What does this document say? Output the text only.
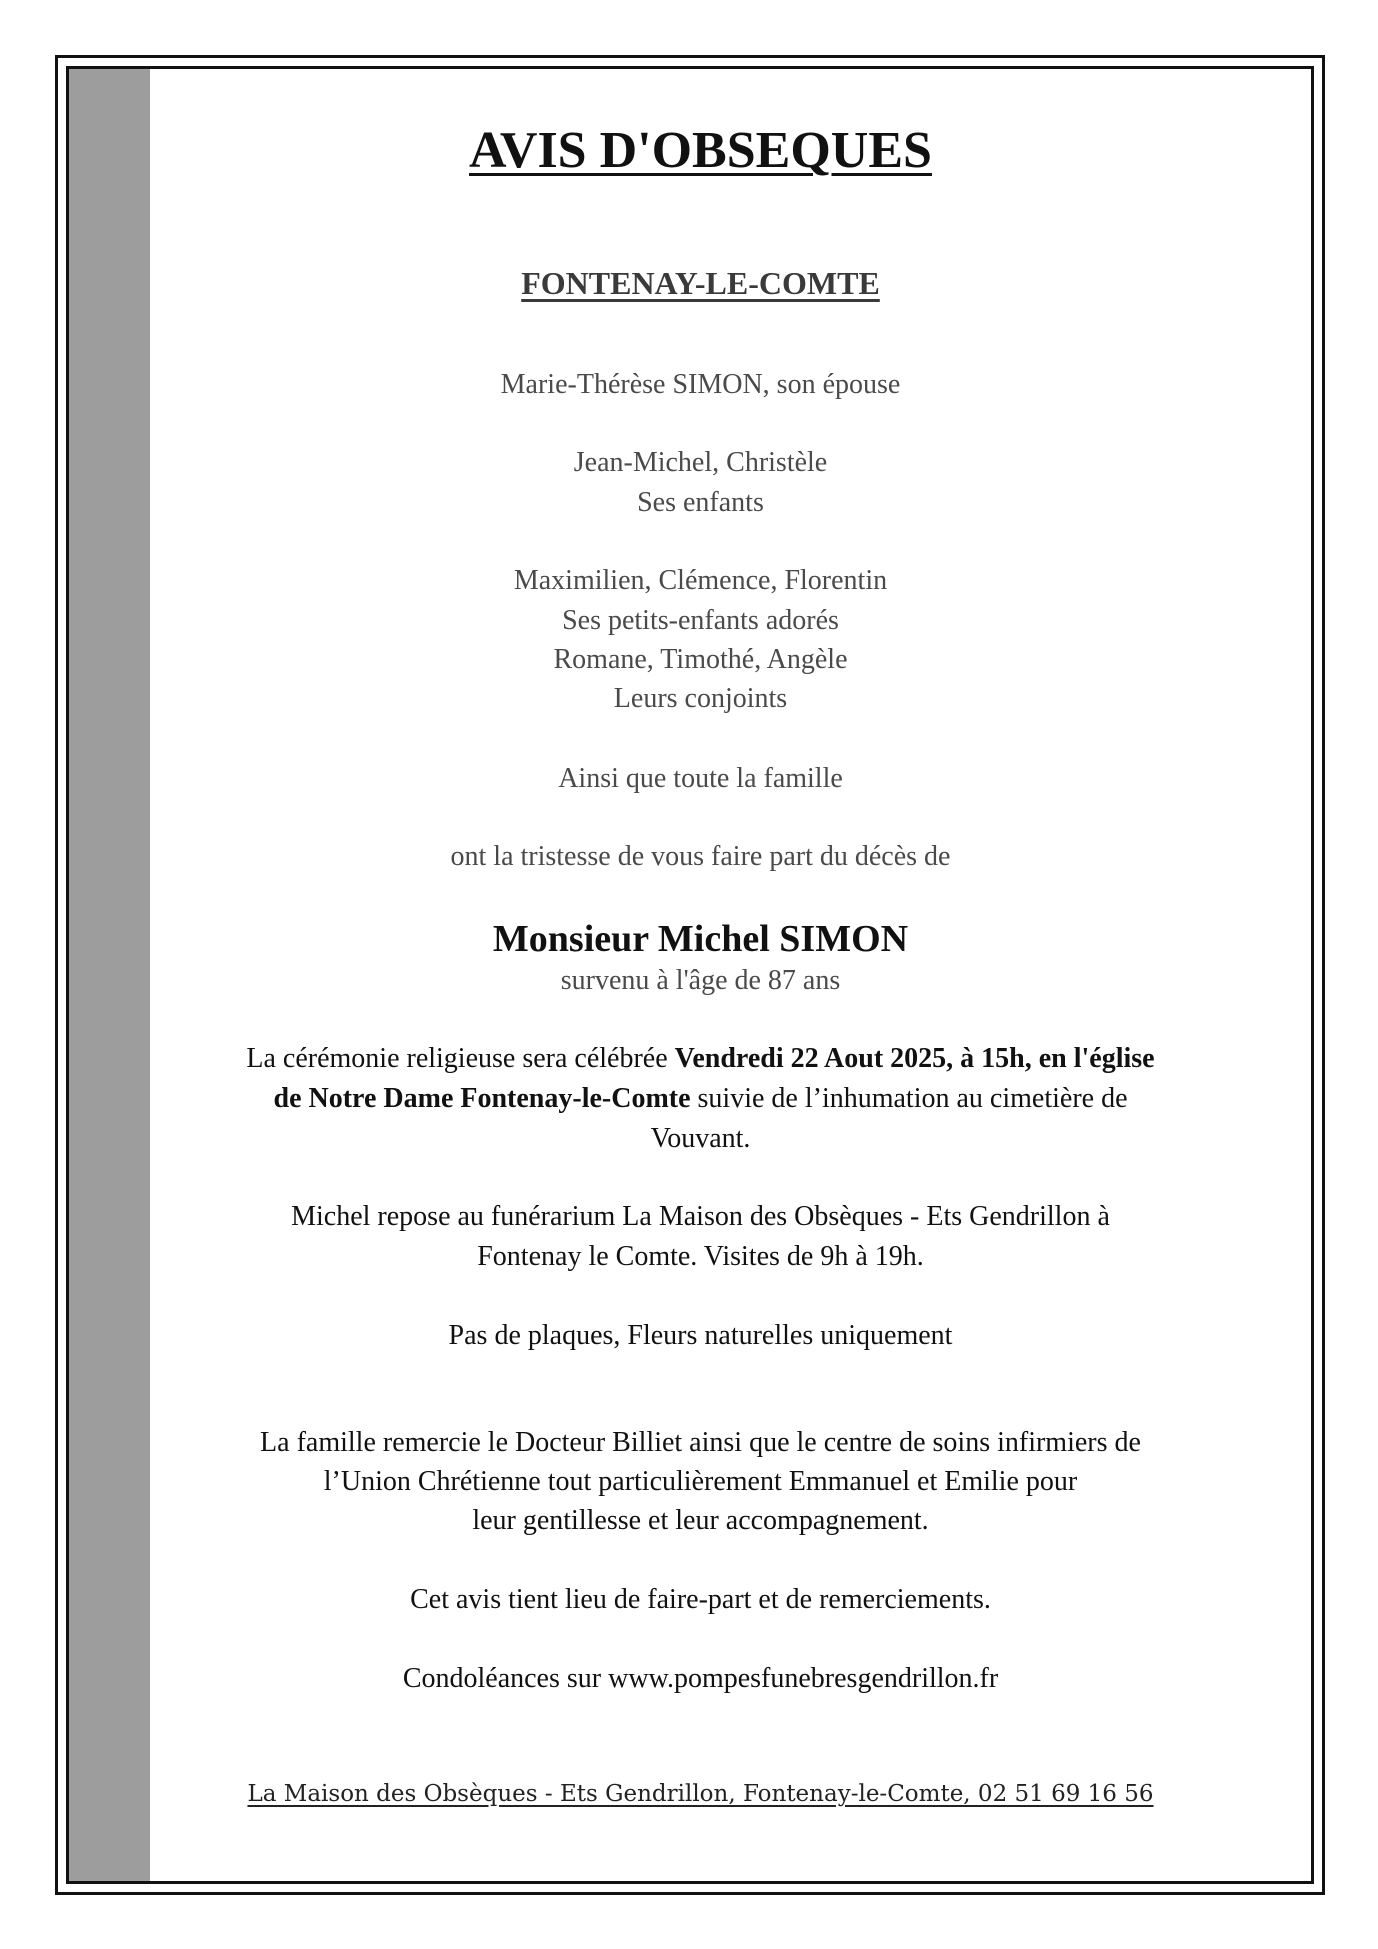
AVIS D'OBSEQUES
FONTENAY-LE-COMTE
Marie-Thérèse SIMON, son épouse
Jean-Michel, Christèle
Ses enfants
Maximilien, Clémence, Florentin
Ses petits-enfants adorés
Romane, Timothé, Angèle
Leurs conjoints
Ainsi que toute la famille
ont la tristesse de vous faire part du décès de
Monsieur Michel SIMON
survenu à l'âge de 87 ans
La cérémonie religieuse sera célébrée Vendredi 22 Aout 2025, à 15h, en l'église
de Notre Dame Fontenay-le-Comte suivie de l’inhumation au cimetière de
Vouvant.
Michel repose au funérarium La Maison des Obsèques - Ets Gendrillon à
Fontenay le Comte. Visites de 9h à 19h.
Pas de plaques, Fleurs naturelles uniquement
La famille remercie le Docteur Billiet ainsi que le centre de soins infirmiers de
l’Union Chrétienne tout particulièrement Emmanuel et Emilie pour
leur gentillesse et leur accompagnement.
Cet avis tient lieu de faire-part et de remerciements.
Condoléances sur www.pompesfunebresgendrillon.fr
La Maison des Obsèques - Ets Gendrillon, Fontenay-le-Comte, 02 51 69 16 56
